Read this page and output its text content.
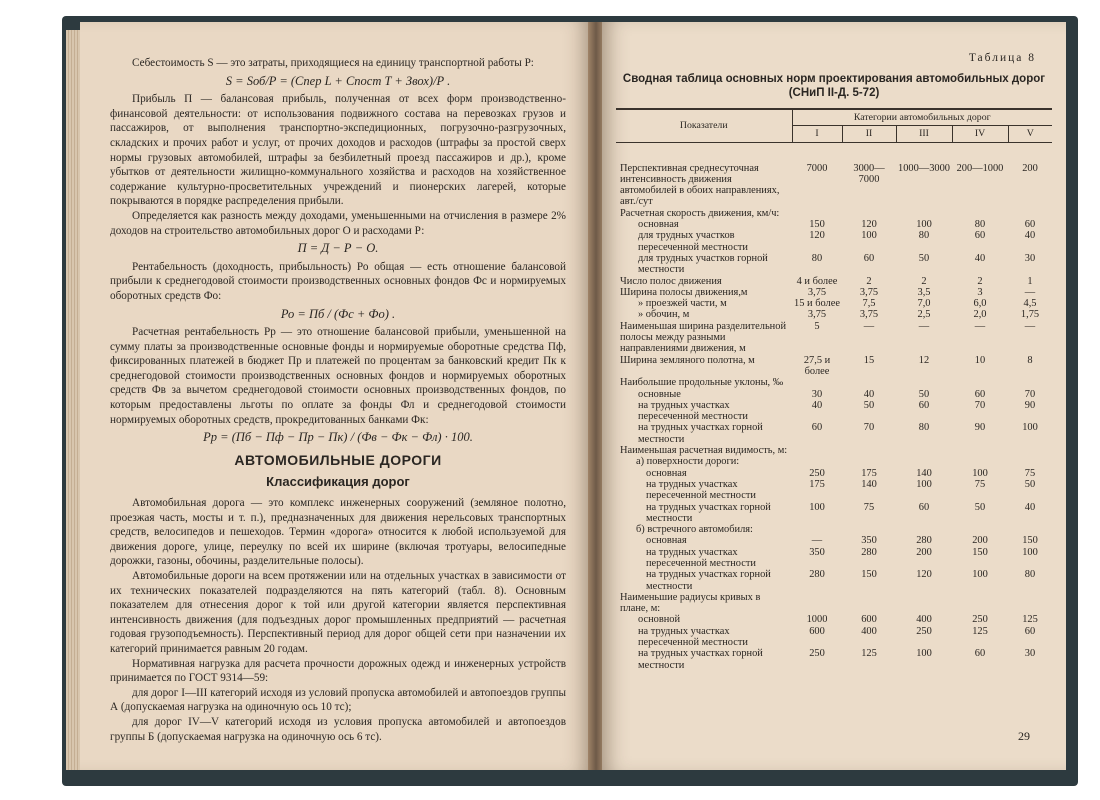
Себестоимость S — это затраты, приходящиеся на единицу транспортной работы P:

S = Sоб/P = (Cпер L + Cпост T + Звох)/P .

Прибыль П — балансовая прибыль, полученная от всех форм производственно-финансовой деятельности: от использования подвижного состава на перевозках грузов и пассажиров, от выполнения транспортно-экспедиционных, погрузочно-разгрузочных, складских и прочих работ и услуг, от прочих доходов и расходов (штрафы за простой сверх нормы грузовых автомобилей, штрафы за безбилетный проезд пассажиров и др.), кроме убытков от деятельности жилищно-коммунального хозяйства и расходов на хозяйственное содержание культурно-просветительных учреждений и пионерских лагерей, которые покрываются в порядке распределения прибыли.

Определяется как разность между доходами, уменьшенными на отчисления в размере 2% доходов на строительство автомобильных дорог О и расходами Р:

П = Д − Р − О.

Рентабельность (доходность, прибыльность) Ро общая — есть отношение балансовой прибыли к среднегодовой стоимости производственных основных фондов Фс и нормируемых оборотных средств Фо:

Ро = Пб / (Фс + Фо) .

Расчетная рентабельность Рр — это отношение балансовой прибыли, уменьшенной на сумму платы за производственные основные фонды и нормируемые оборотные средства Пф, фиксированных платежей в бюджет Пр и платежей по процентам за банковский кредит Пк к среднегодовой стоимости производственных основных фондов и нормируемых оборотных средств Фв за вычетом среднегодовой стоимости основных производственных фондов, по которым предоставлены льготы по оплате за фонды Фл и среднегодовой стоимости нормируемых оборотных средств, прокредитованных банками Фк:

Рр = (Пб − Пф − Пр − Пк) / (Фв − Фк − Фл) · 100.
АВТОМОБИЛЬНЫЕ ДОРОГИ
Классификация дорог

Автомобильная дорога — это комплекс инженерных сооружений (земляное полотно, проезжая часть, мосты и т. п.), предназначенных для движения нерельсовых транспортных средств, велосипедов и пешеходов. Термин «дорога» относится к любой используемой для движения дороге, улице, переулку по всей их ширине (включая тротуары, велосипедные дорожки, газоны, обочины, разделительные полосы).

Автомобильные дороги на всем протяжении или на отдельных участках в зависимости от их технических показателей подразделяются на пять категорий (табл. 8). Основным показателем для отнесения дорог к той или другой категории является перспективная интенсивность движения (для подъездных дорог промышленных предприятий — расчетная годовая грузоподъемность). Перспективный период для дорог общей сети при назначении их категорий принимается равным 20 годам.

Нормативная нагрузка для расчета прочности дорожных одежд и инженерных устройств принимается по ГОСТ 9314—59:

для дорог I—III категорий исходя из условий пропуска автомобилей и автопоездов группы А (допускаемая нагрузка на одиночную ось 10 тс);

для дорог IV—V категорий исходя из условия пропуска автомобилей и автопоездов группы Б (допускаемая нагрузка на одиночную ось 6 тс).

Таблица 8
Сводная таблица основных норм проектирования автомобильных дорог (СНиП II-Д. 5-72)
Показатели	Категории автомобильных дорог				
	I	II	III	IV	V
Перспективная среднесуточная интенсивность движения автомобилей в обоих направлениях, авт./сут	7000	3000—7000	1000—3000	200—1000	200
Расчетная скорость движения, км/ч:					
основная	150	120	100	80	60
для трудных участков пересеченной местности	120	100	80	60	40
для трудных участков горной местности	80	60	50	40	30
Число полос движения	4 и более	2	2	2	1
Ширина полосы движения,м	3,75	3,75	3,5	3	—
» проезжей части, м	15 и более	7,5	7,0	6,0	4,5
» обочин, м	3,75	3,75	2,5	2,0	1,75
Наименьшая ширина разделительной полосы между разными направлениями движения, м	5	—	—	—	—
Ширина земляного полотна, м	27,5 и более	15	12	10	8
Наибольшие продольные уклоны, ‰					
основные	30	40	50	60	70
на трудных участках пересеченной местности	40	50	60	70	90
на трудных участках горной местности	60	70	80	90	100
Наименьшая расчетная видимость, м:					
а) поверхности дороги:					
основная	250	175	140	100	75
на трудных участках пересеченной местности	175	140	100	75	50
на трудных участках горной местности	100	75	60	50	40
б) встречного автомобиля:					
основная	—	350	280	200	150
на трудных участках пересеченной местности	350	280	200	150	100
на трудных участках горной местности	280	150	120	100	80
Наименьшие радиусы кривых в плане, м:					
основной	1000	600	400	250	125
на трудных участках пересеченной местности	600	400	250	125	60
на трудных участках горной местности	250	125	100	60	30
29
